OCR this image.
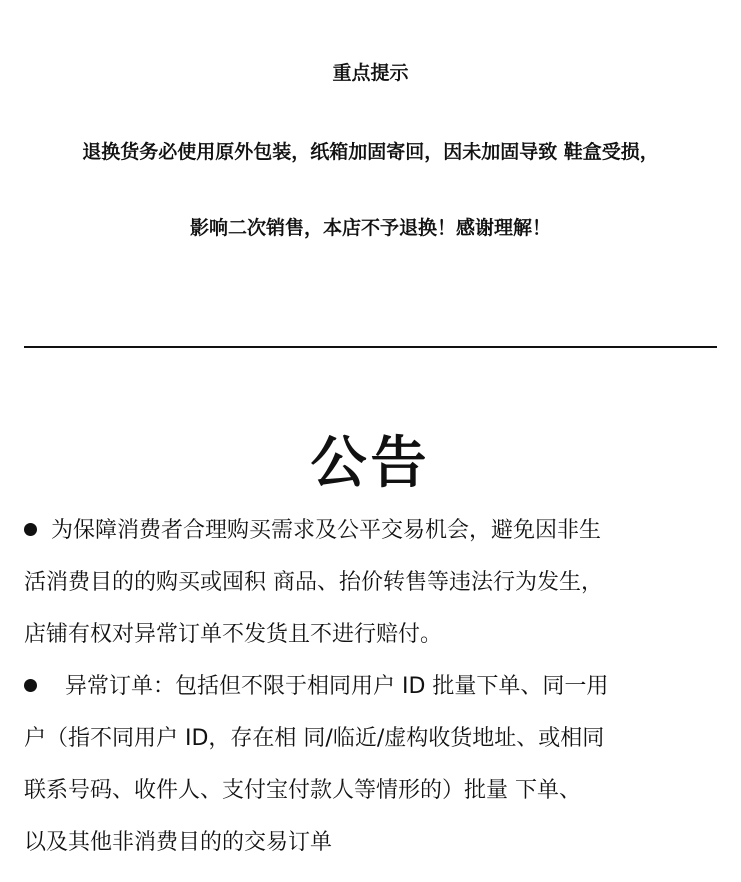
重点提示
退换货务必使用原外包装，纸箱加固寄回，因未加固导致 鞋盒受损，
影响二次销售，本店不予退换！感谢理解！
公告
为保障消费者合理购买需求及公平交易机会，避免因非生
活消费目的的购买或囤积 商品、抬价转售等违法行为发生，
店铺有权对异常订单不发货且不进行赔付。
异常订单：包括但不限于相同用户 ID 批量下单、同一用
户（指不同用户 ID，存在相 同/临近/虚构收货地址、或相同
联系号码、收件人、支付宝付款人等情形的）批量 下单、
以及其他非消费目的的交易订单
